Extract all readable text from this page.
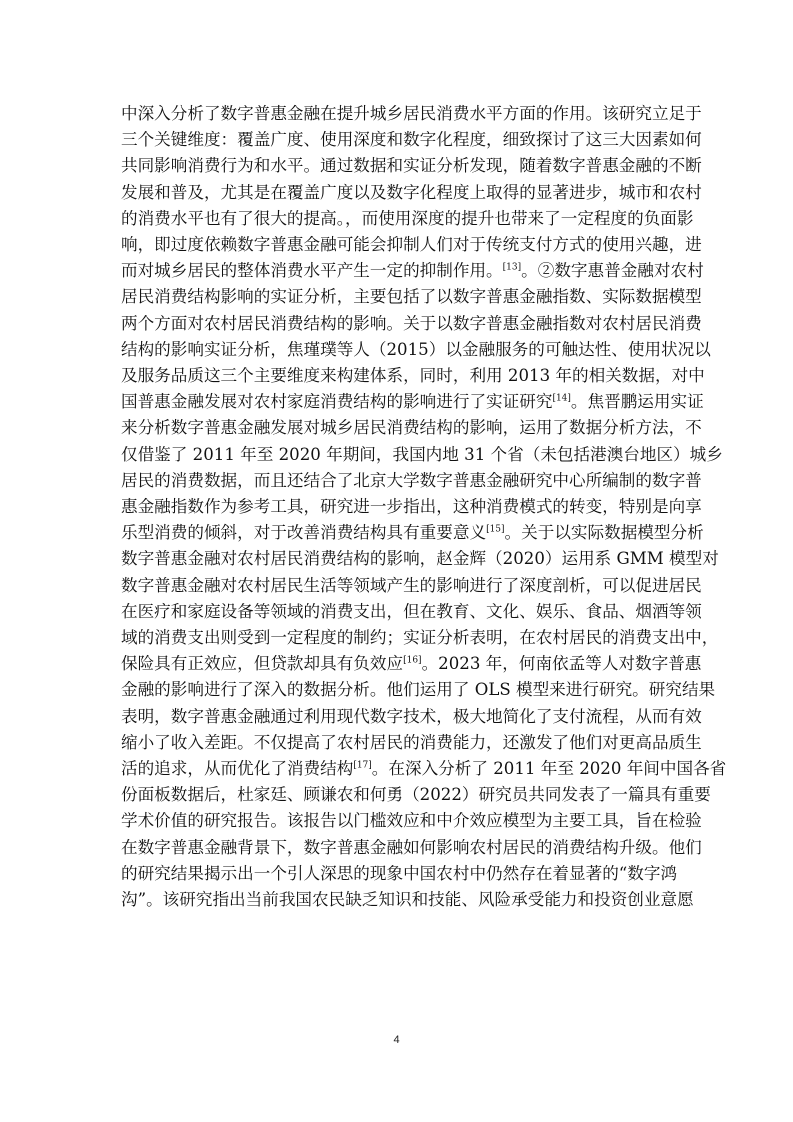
中深入分析了数字普惠金融在提升城乡居民消费水平方面的作用。该研究立足于
三个关键维度：覆盖广度、使用深度和数字化程度，细致探讨了这三大因素如何
共同影响消费行为和水平。通过数据和实证分析发现，随着数字普惠金融的不断
发展和普及，尤其是在覆盖广度以及数字化程度上取得的显著进步，城市和农村
的消费水平也有了很大的提高。，而使用深度的提升也带来了一定程度的负面影
响，即过度依赖数字普惠金融可能会抑制人们对于传统支付方式的使用兴趣，进
而对城乡居民的整体消费水平产生一定的抑制作用。[13]。②数字惠普金融对农村
居民消费结构影响的实证分析，主要包括了以数字普惠金融指数、实际数据模型
两个方面对农村居民消费结构的影响。关于以数字普惠金融指数对农村居民消费
结构的影响实证分析，焦瑾璞等人（2015）以金融服务的可触达性、使用状况以
及服务品质这三个主要维度来构建体系，同时，利用 2013 年的相关数据，对中
国普惠金融发展对农村家庭消费结构的影响进行了实证研究[14]。焦晋鹏运用实证
来分析数字普惠金融发展对城乡居民消费结构的影响，运用了数据分析方法，不
仅借鉴了 2011 年至 2020 年期间，我国内地 31 个省（未包括港澳台地区）城乡
居民的消费数据，而且还结合了北京大学数字普惠金融研究中心所编制的数字普
惠金融指数作为参考工具，研究进一步指出，这种消费模式的转变，特别是向享
乐型消费的倾斜，对于改善消费结构具有重要意义[15]。关于以实际数据模型分析
数字普惠金融对农村居民消费结构的影响，赵金辉（2020）运用系 GMM 模型对
数字普惠金融对农村居民生活等领域产生的影响进行了深度剖析，可以促进居民
在医疗和家庭设备等领域的消费支出，但在教育、文化、娱乐、食品、烟酒等领
域的消费支出则受到一定程度的制约；实证分析表明，在农村居民的消费支出中，
保险具有正效应，但贷款却具有负效应[16]。2023 年，何南依孟等人对数字普惠
金融的影响进行了深入的数据分析。他们运用了 OLS 模型来进行研究。研究结果
表明，数字普惠金融通过利用现代数字技术，极大地简化了支付流程，从而有效
缩小了收入差距。不仅提高了农村居民的消费能力，还激发了他们对更高品质生
活的追求，从而优化了消费结构[17]。在深入分析了 2011 年至 2020 年间中国各省
份面板数据后，杜家廷、顾谦农和何勇（2022）研究员共同发表了一篇具有重要
学术价值的研究报告。该报告以门槛效应和中介效应模型为主要工具，旨在检验
在数字普惠金融背景下，数字普惠金融如何影响农村居民的消费结构升级。他们
的研究结果揭示出一个引人深思的现象中国农村中仍然存在着显著的“数字鸿
沟”。该研究指出当前我国农民缺乏知识和技能、风险承受能力和投资创业意愿
4
